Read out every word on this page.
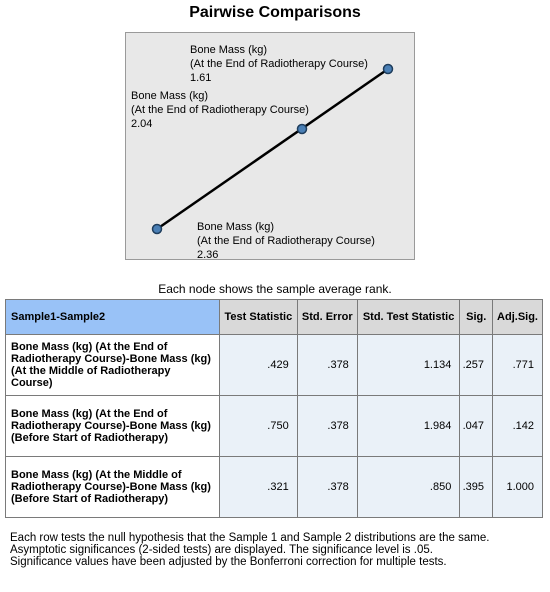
Pairwise Comparisons
Bone Mass (kg)
(At the End of Radiotherapy Course)
1.61
Bone Mass (kg)
(At the End of Radiotherapy Course)
2.04
Bone Mass (kg)
(At the End of Radiotherapy Course)
2.36
Each node shows the sample average rank.
Sample1-Sample2	Test Statistic	Std. Error	Std. Test Statistic	Sig.	Adj.Sig.
Bone Mass (kg) (At the End of Radiotherapy Course)-Bone Mass (kg) (At the Middle of Radiotherapy Course)	.429	.378	1.134	.257	.771
Bone Mass (kg) (At the End of Radiotherapy Course)-Bone Mass (kg) (Before Start of Radiotherapy)	.750	.378	1.984	.047	.142
Bone Mass (kg) (At the Middle of Radiotherapy Course)-Bone Mass (kg) (Before Start of Radiotherapy)	.321	.378	.850	.395	1.000
Each row tests the null hypothesis that the Sample 1 and Sample 2 distributions are the same.
Asymptotic significances (2-sided tests) are displayed. The significance level is .05.
Significance values have been adjusted by the Bonferroni correction for multiple tests.
